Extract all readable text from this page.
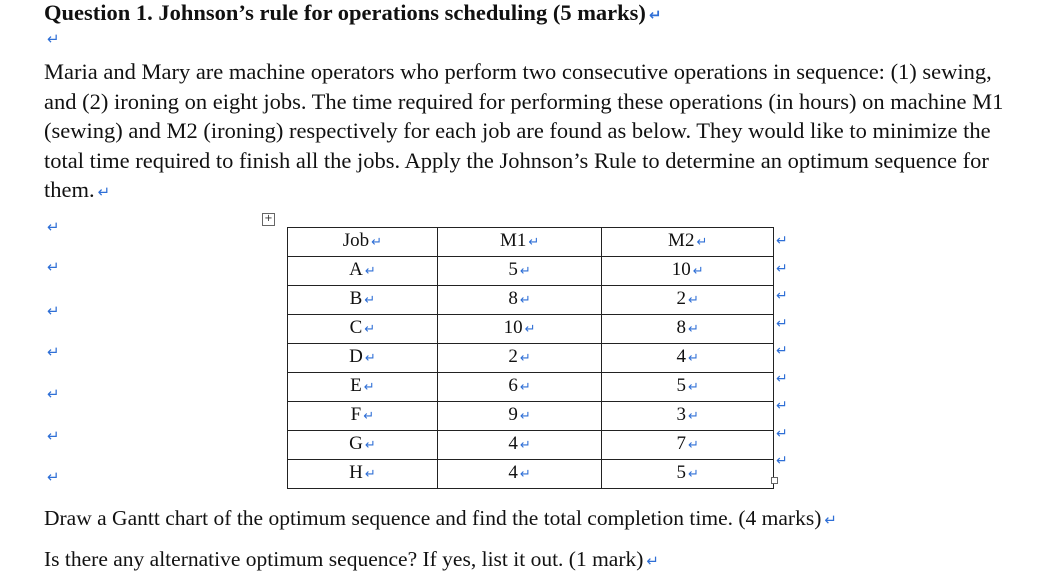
Question 1. Johnson’s rule for operations scheduling (5 marks) ↵
↵
Maria and Mary are machine operators who perform two consecutive operations in sequence: (1) sewing, and (2) ironing on eight jobs. The time required for performing these operations (in hours) on machine M1 (sewing) and M2 (ironing) respectively for each job are found as below. They would like to minimize the total time required to finish all the jobs. Apply the Johnson’s Rule to determine an optimum sequence for them. ↵
↵
↵
↵
↵
↵
↵
↵
+
Job ↵	M1 ↵	M2 ↵
A ↵	5 ↵	10 ↵
B ↵	8 ↵	2 ↵
C ↵	10 ↵	8 ↵
D ↵	2 ↵	4 ↵
E ↵	6 ↵	5 ↵
F ↵	9 ↵	3 ↵
G ↵	4 ↵	7 ↵
H ↵	4 ↵	5 ↵
↵
↵
↵
↵
↵
↵
↵
↵
↵
Draw a Gantt chart of the optimum sequence and find the total completion time. (4 marks) ↵
Is there any alternative optimum sequence? If yes, list it out. (1 mark) ↵
